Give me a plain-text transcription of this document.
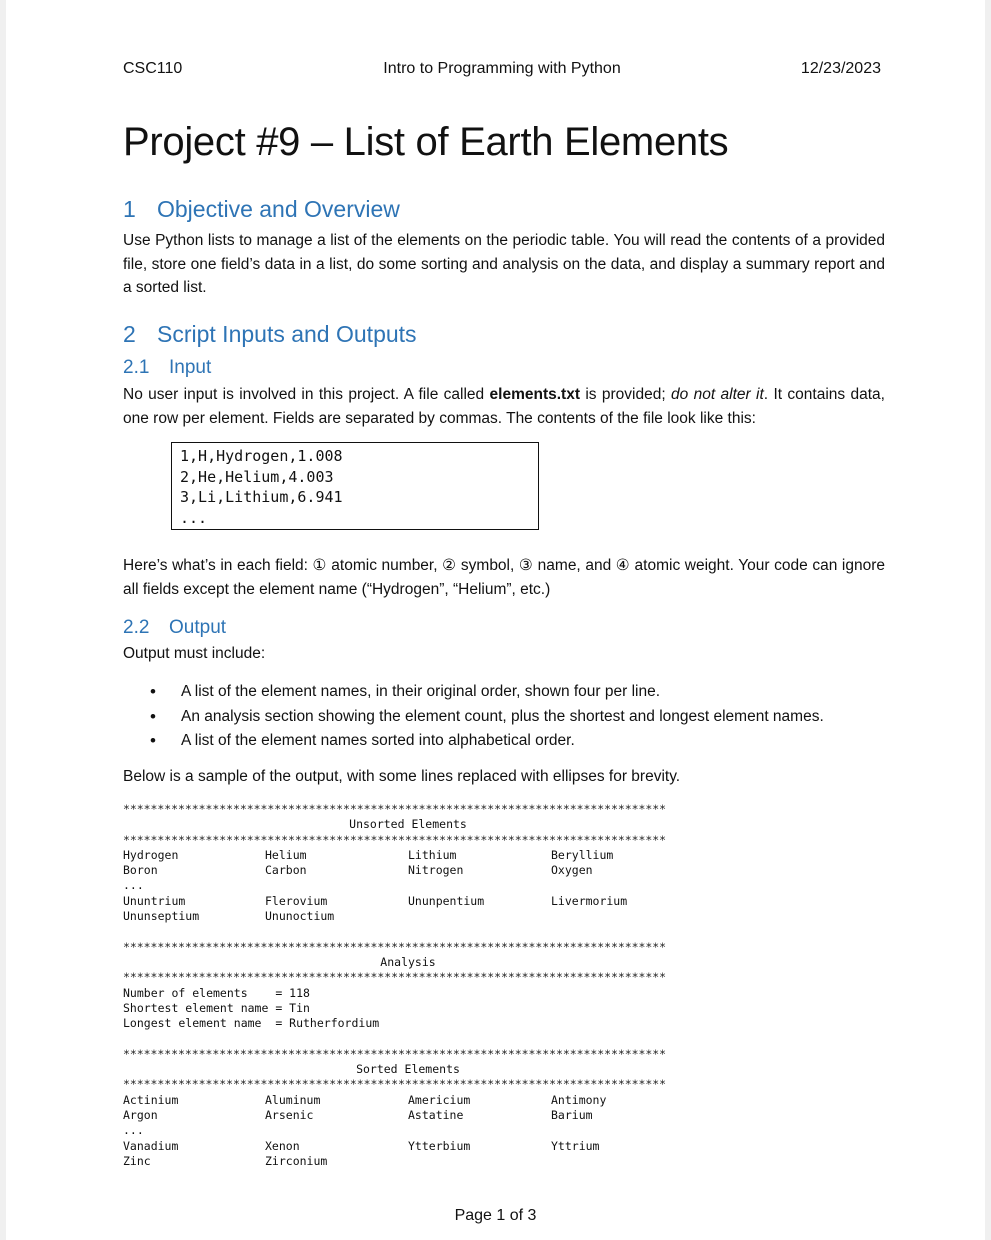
CSC110	Intro to Programming with Python	12/23/2023
Project #9 – List of Earth Elements
1 Objective and Overview
Use Python lists to manage a list of the elements on the periodic table. You will read the contents of a provided file, store one field’s data in a list, do some sorting and analysis on the data, and display a summary report and a sorted list.
2 Script Inputs and Outputs
2.1 Input
No user input is involved in this project. A file called elements.txt is provided; do not alter it. It contains data, one row per element. Fields are separated by commas. The contents of the file look like this:
1,H,Hydrogen,1.008
2,He,Helium,4.003
3,Li,Lithium,6.941
...
Here’s what’s in each field: ① atomic number, ② symbol, ③ name, and ④ atomic weight. Your code can ignore all fields except the element name (“Hydrogen”, “Helium”, etc.)
2.2 Output
Output must include:
• A list of the element names, in their original order, shown four per line.
• An analysis section showing the element count, plus the shortest and longest element names.
• A list of the element names sorted into alphabetical order.
Below is a sample of the output, with some lines replaced with ellipses for brevity.
*******************************************************************************
Unsorted Elements
*******************************************************************************
Hydrogen	Helium	Lithium	Beryllium
Boron	Carbon	Nitrogen	Oxygen
...
Ununtrium	Flerovium	Ununpentium	Livermorium
Ununseptium	Ununoctium
*******************************************************************************
Analysis
*******************************************************************************
Number of elements    = 118
Shortest element name = Tin
Longest element name  = Rutherfordium
*******************************************************************************
Sorted Elements
*******************************************************************************
Actinium	Aluminum	Americium	Antimony
Argon	Arsenic	Astatine	Barium
...
Vanadium	Xenon	Ytterbium	Yttrium
Zinc	Zirconium
Page 1 of 3
